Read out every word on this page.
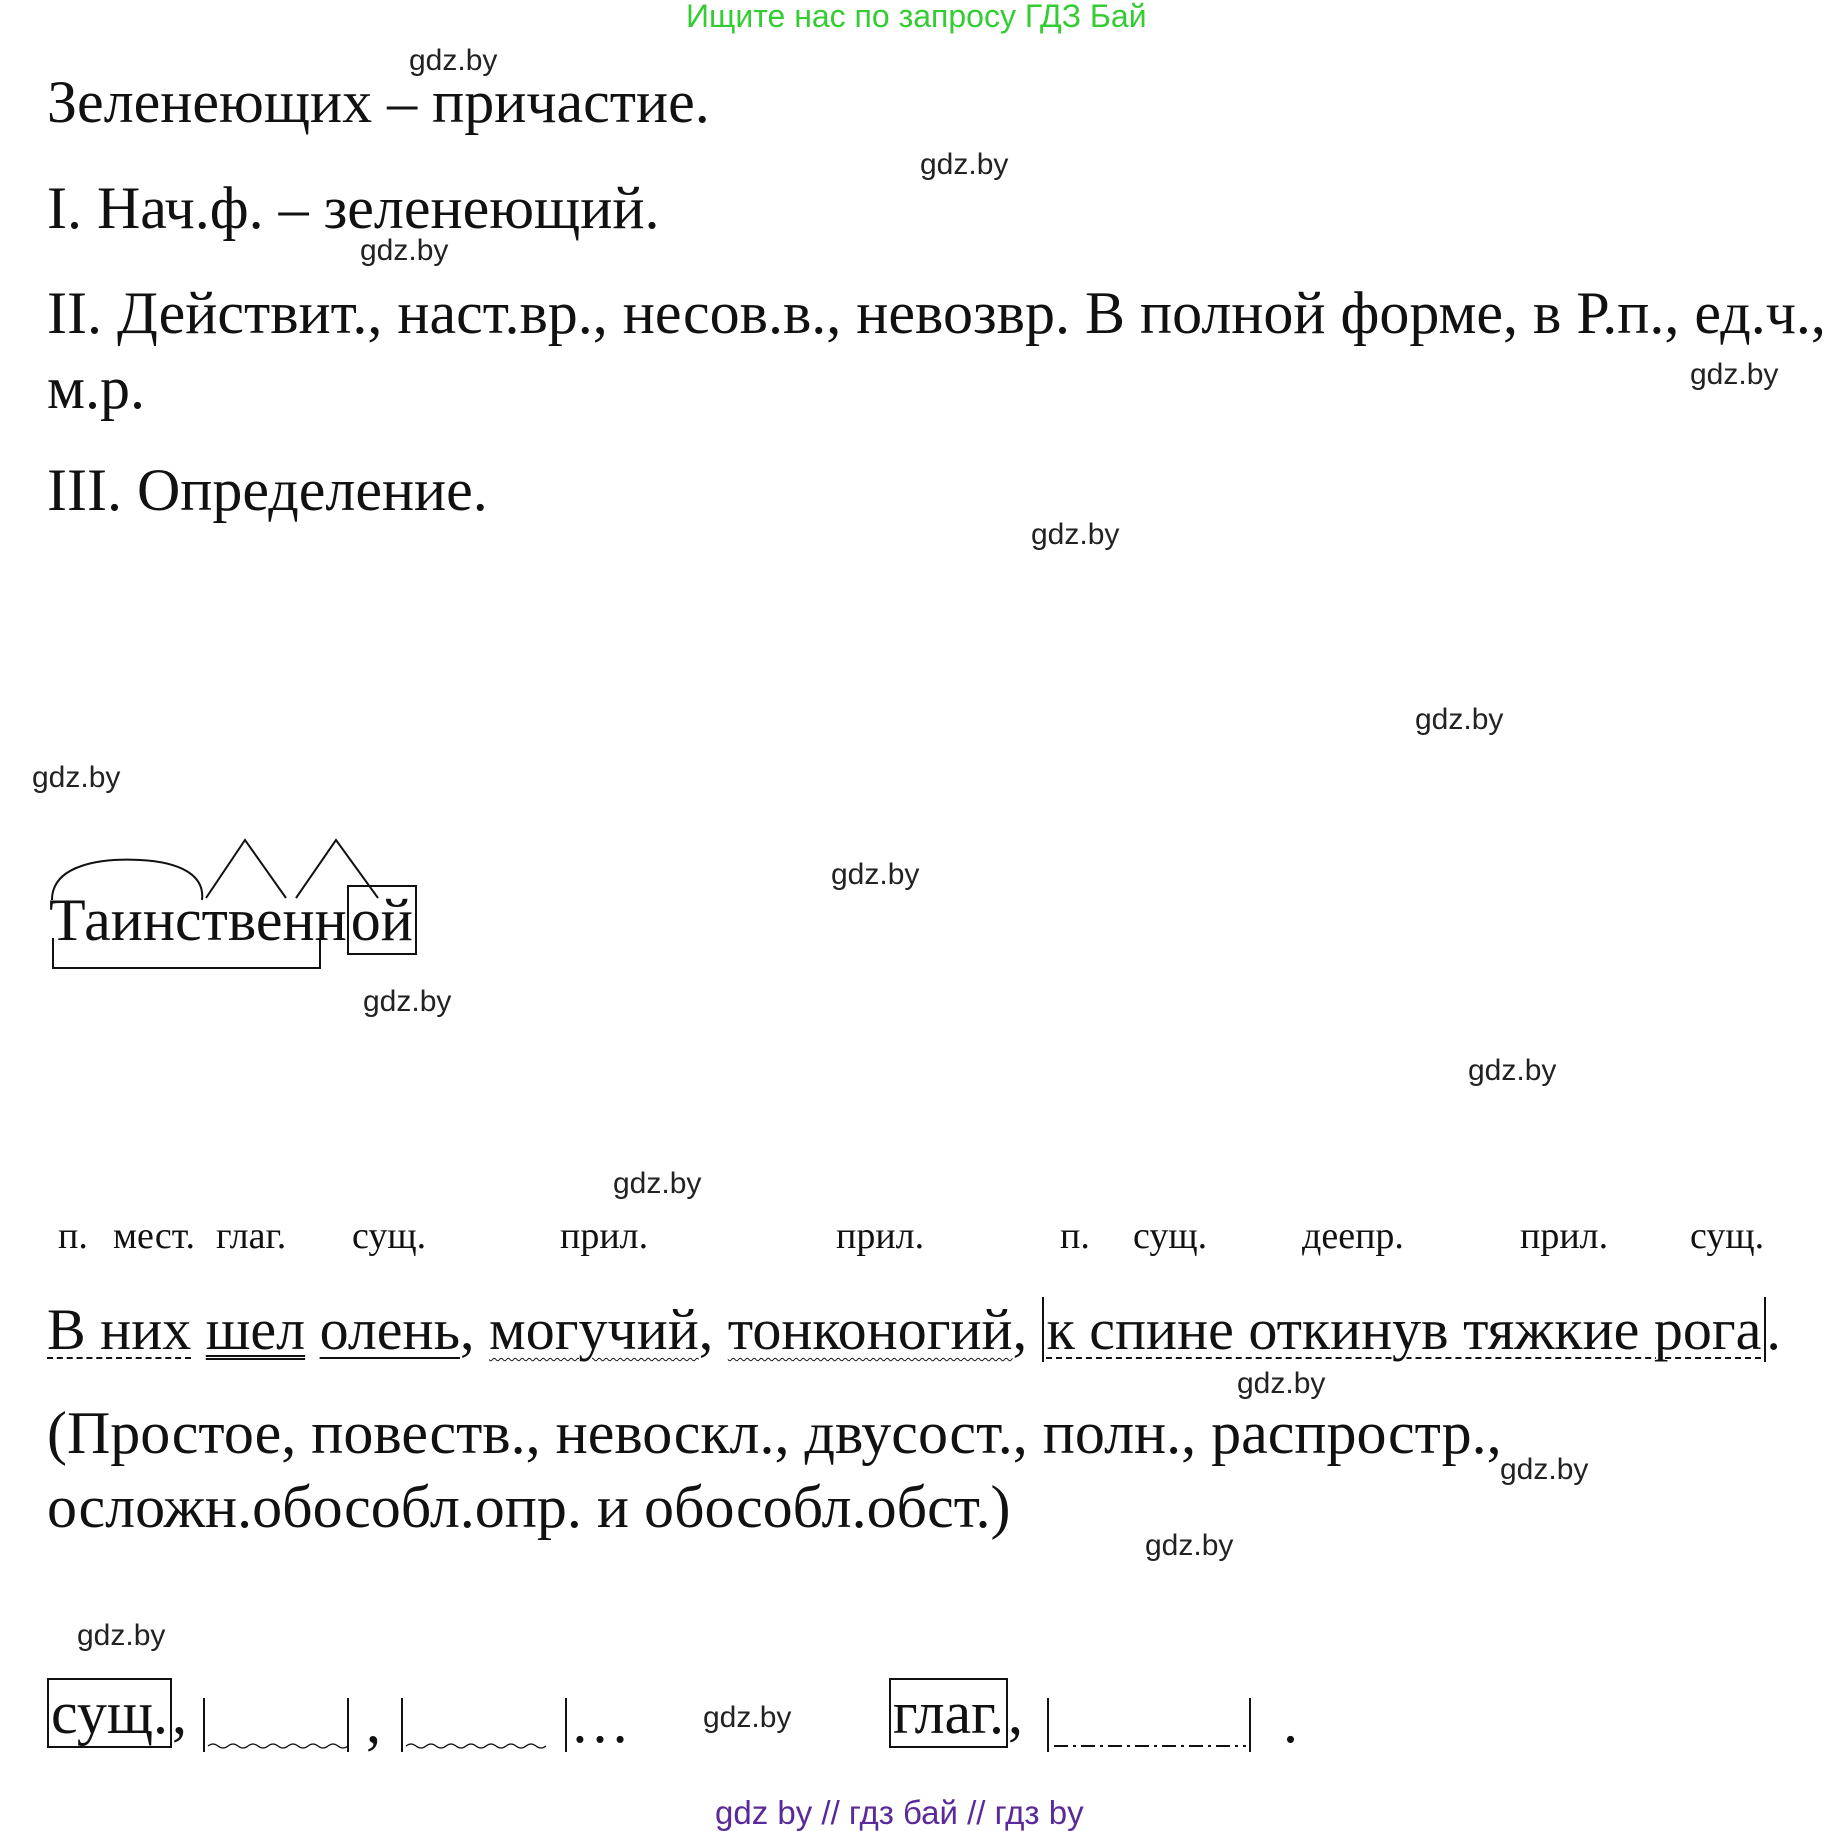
Ищите нас по запросу ГДЗ Бай
Зеленеющих – причастие.
I. Нач.ф. – зеленеющий.
II. Действит., наст.вр., несов.в., невозвр. В полной форме, в Р.п., ед.ч.,
м.р.
III. Определение.
Таинственной
п. мест. глаг. сущ.	прил.	прил.	п. сущ. деепр.	прил. сущ.
В них шел олень, могучий, тонконогий, к спине откинув тяжкие рога.
(Простое, повеств., невоскл., двусост., полн., распростр.,
осложн.обособл.опр. и обособл.обст.)
сущ.,	,	…	глаг.,	.
gdz.by
gdz.by
gdz.by
gdz.by
gdz.by
gdz.by
gdz.by
gdz.by
gdz.by
gdz.by
gdz.by
gdz.by
gdz.by
gdz.by
gdz.by
gdz.by
gdz by // гдз бай // гдз by
